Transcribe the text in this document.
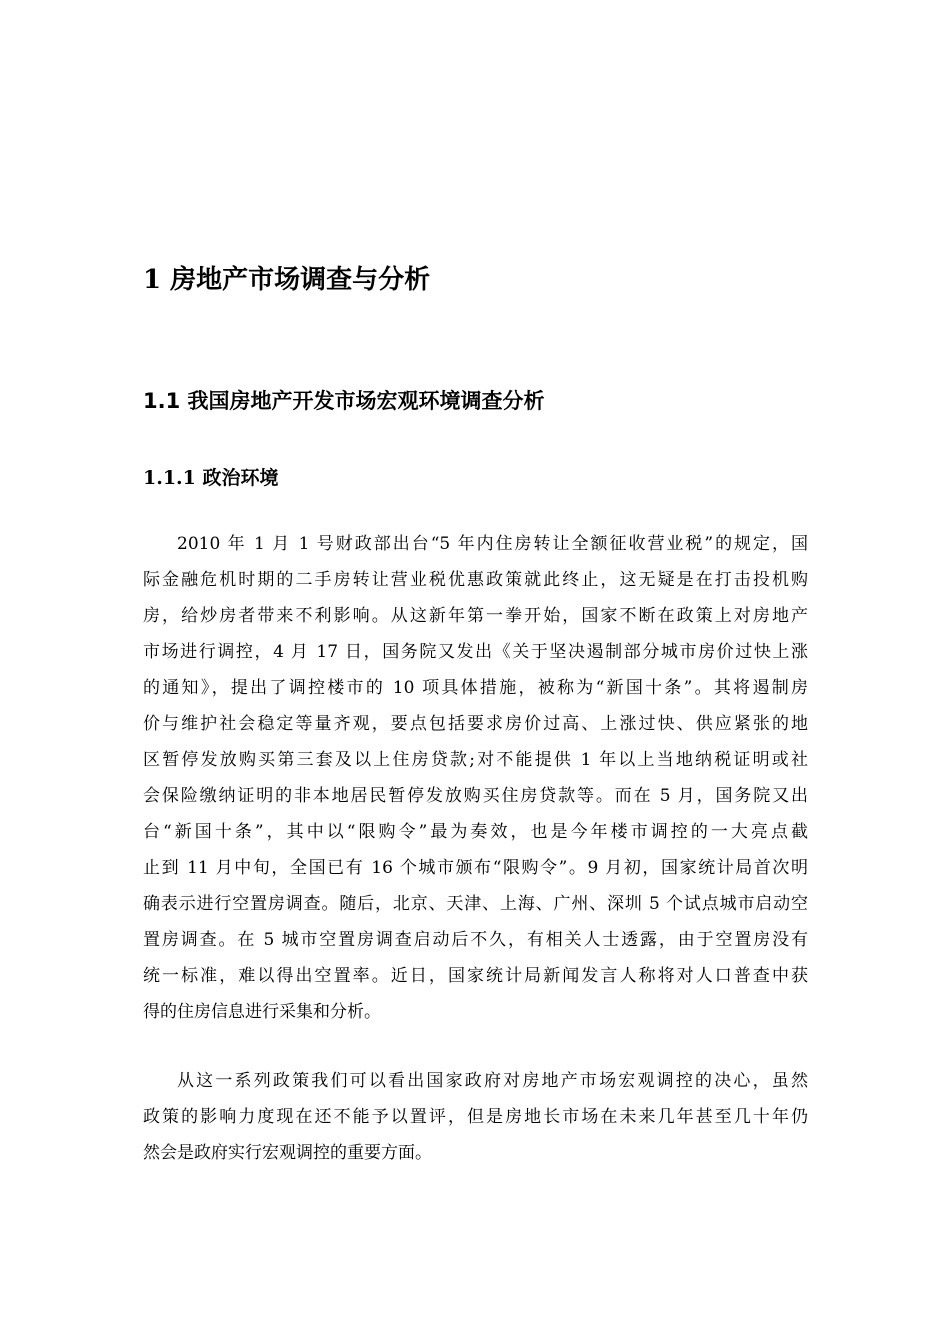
1 房地产市场调查与分析
1.1 我国房地产开发市场宏观环境调查分析
1.1.1 政治环境
2010 年 1 月 1 号财政部出台“5 年内住房转让全额征收营业税”的规定，国
际金融危机时期的二手房转让营业税优惠政策就此终止，这无疑是在打击投机购
房，给炒房者带来不利影响。从这新年第一拳开始，国家不断在政策上对房地产
市场进行调控，4 月 17 日，国务院又发出《关于坚决遏制部分城市房价过快上涨
的通知》，提出了调控楼市的 10 项具体措施，被称为“新国十条”。其将遏制房
价与维护社会稳定等量齐观，要点包括要求房价过高、上涨过快、供应紧张的地
区暂停发放购买第三套及以上住房贷款;对不能提供 1 年以上当地纳税证明或社
会保险缴纳证明的非本地居民暂停发放购买住房贷款等。而在 5 月，国务院又出
台“新国十条”，其中以“限购令”最为奏效，也是今年楼市调控的一大亮点截
止到 11 月中旬，全国已有 16 个城市颁布“限购令”。9 月初，国家统计局首次明
确表示进行空置房调查。随后，北京、天津、上海、广州、深圳 5 个试点城市启动空
置房调查。在 5 城市空置房调查启动后不久，有相关人士透露，由于空置房没有
统一标准，难以得出空置率。近日，国家统计局新闻发言人称将对人口普查中获
得的住房信息进行采集和分析。
从这一系列政策我们可以看出国家政府对房地产市场宏观调控的决心，虽然
政策的影响力度现在还不能予以置评，但是房地长市场在未来几年甚至几十年仍
然会是政府实行宏观调控的重要方面。
